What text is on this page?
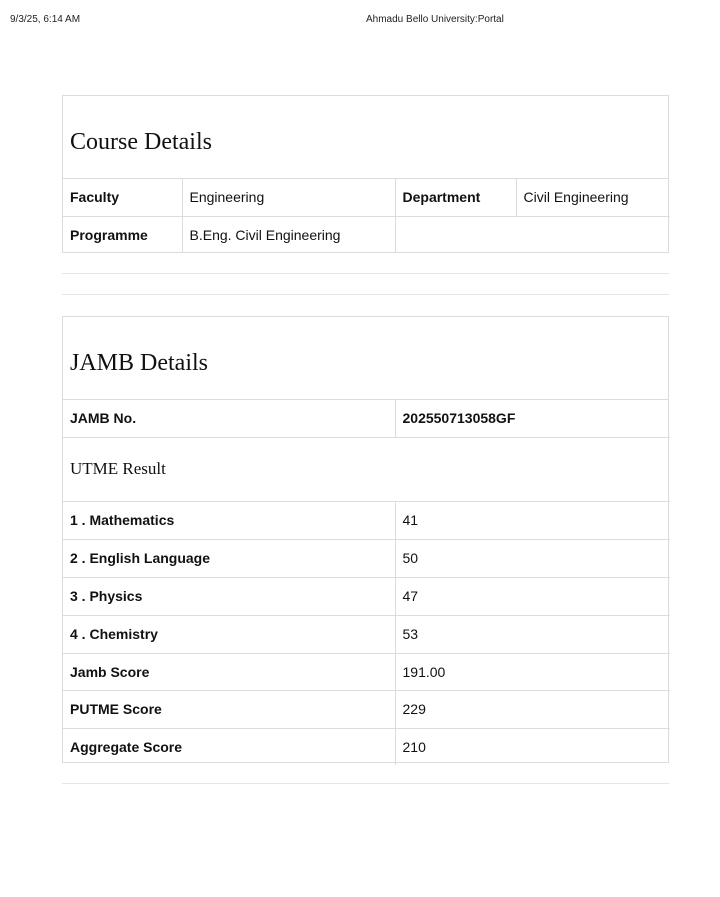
9/3/25, 6:14 AM	Ahmadu Bello University:Portal
Course Details
Faculty	Engineering	Department	Civil Engineering
Programme	B.Eng. Civil Engineering		
JAMB Details
JAMB No.	202550713058GF
UTME Result	
1 . Mathematics	41
2 . English Language	50
3 . Physics	47
4 . Chemistry	53
Jamb Score	191.00
PUTME Score	229
Aggregate Score	210
